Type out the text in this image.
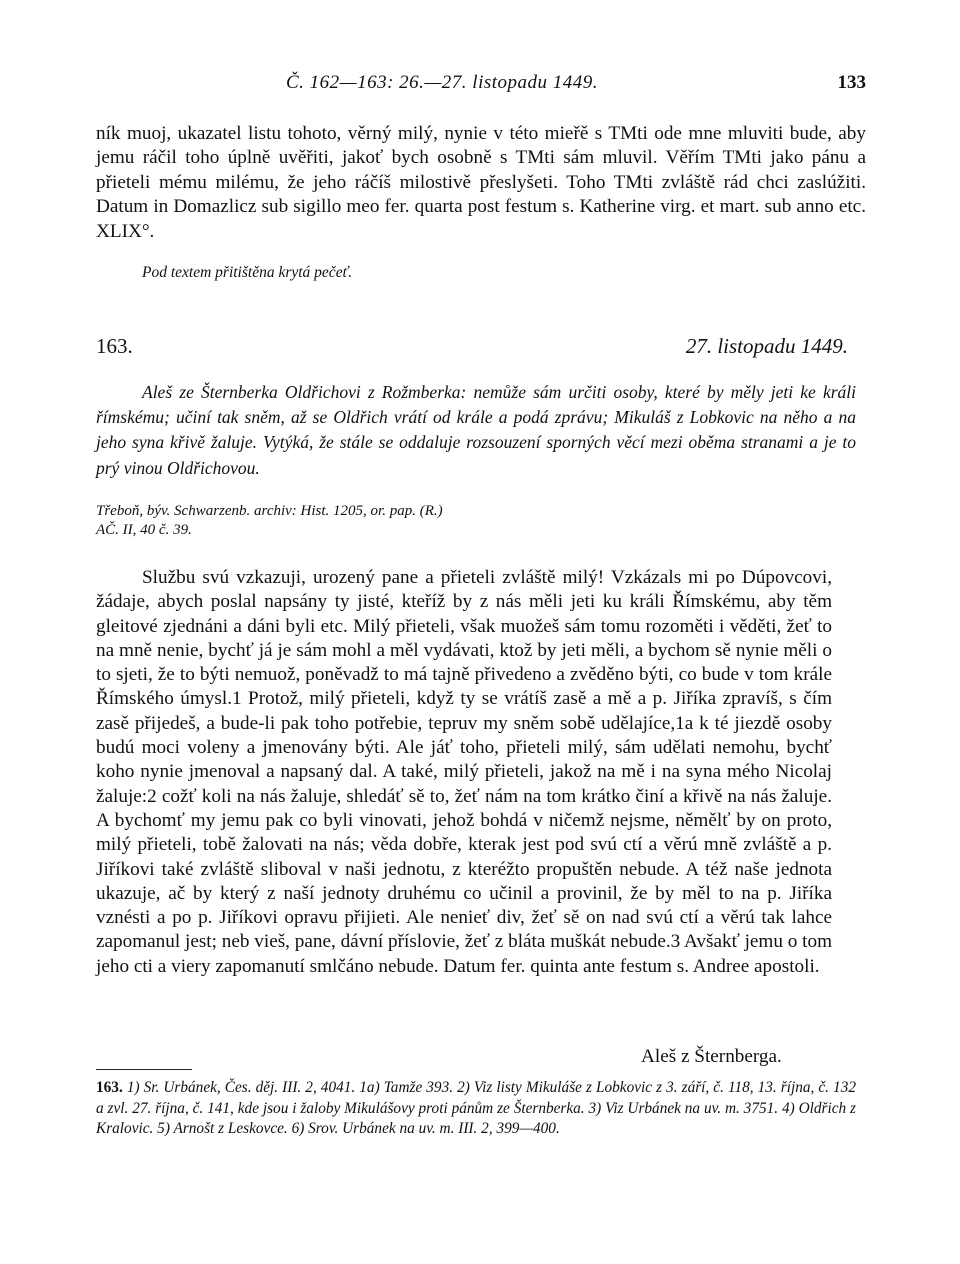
Č. 162—163: 26.—27. listopadu 1449.	133

ník muoj, ukazatel listu tohoto, věrný milý, nynie v této mieřě s TMti ode mne mluviti bude, aby jemu ráčil toho úplně uvěřiti, jakoť bych osobně s TMti sám mluvil. Věřím TMti jako pánu a přieteli mému milému, že jeho ráčíš milostivě přeslyšeti. Toho TMti zvláště rád chci zaslúžiti. Datum in Domazlicz sub sigillo meo fer. quarta post festum s. Katherine virg. et mart. sub anno etc. XLIX°.

Pod textem přitištěna krytá pečeť.
163.	27. listopadu 1449.

Aleš ze Šternberka Oldřichovi z Rožmberka: nemůže sám určiti osoby, které by měly jeti ke králi římskému; učiní tak sněm, až se Oldřich vrátí od krále a podá zprávu; Mikuláš z Lobkovic na něho a na jeho syna křivě žaluje. Vytýká, že stále se oddaluje rozsouzení sporných věcí mezi oběma stranami a je to prý vinou Oldřichovou.

Třeboň, býv. Schwarzenb. archiv: Hist. 1205, or. pap. (R.)
AČ. II, 40 č. 39.

Službu svú vzkazuji, urozený pane a přieteli zvláště milý! Vzkázals mi po Dúpovcovi, žádaje, abych poslal napsány ty jisté, kteříž by z nás měli jeti ku králi Římskému, aby těm gleitové zjednáni a dáni byli etc. Milý přieteli, však muožeš sám tomu rozoměti i věděti, žeť to na mně nenie, bychť já je sám mohl a měl vydávati, ktož by jeti měli, a bychom sě nynie měli o to sjeti, že to býti nemuož, poněvadž to má tajně přivedeno a zvěděno býti, co bude v tom krále Římského úmysl.1 Protož, milý přieteli, když ty se vrátíš zasě a mě a p. Jiříka zpravíš, s čím zasě přijedeš, a bude-li pak toho potřebie, tepruv my sněm sobě udělajíce,1a k té jiezdě osoby budú moci voleny a jmenovány býti. Ale jáť toho, přieteli milý, sám udělati nemohu, bychť koho nynie jmenoval a napsaný dal. A také, milý přieteli, jakož na mě i na syna mého Nicolaj žaluje:2 cožť koli na nás žaluje, shledáť sě to, žeť nám na tom krátko činí a křivě na nás žaluje. A bychomť my jemu pak co byli vinovati, jehož bohdá v ničemž nejsme, němělť by on proto, milý přieteli, tobě žalovati na nás; věda dobře, kterak jest pod svú ctí a věrú mně zvláště a p. Jiříkovi také zvláště sliboval v naši jednotu, z kteréžto propuštěn nebude. A též naše jednota ukazuje, ač by který z naší jednoty druhému co učinil a provinil, že by měl to na p. Jiříka vznésti a po p. Jiříkovi opravu přijieti. Ale nenieť div, žeť sě on nad svú ctí a věrú tak lahce zapomanul jest; neb vieš, pane, dávní příslovie, žeť z bláta muškát nebude.3 Avšakť jemu o tom jeho cti a viery zapomanutí smlčáno nebude. Datum fer. quinta ante festum s. Andree apostoli.

Aleš z Šternberga.

163. 1) Sr. Urbánek, Čes. děj. III. 2, 4041. 1a) Tamže 393. 2) Viz listy Mikuláše z Lobkovic z 3. září, č. 118, 13. října, č. 132 a zvl. 27. října, č. 141, kde jsou i žaloby Mikulášovy proti pánům ze Šternberka. 3) Viz Urbánek na uv. m. 3751. 4) Oldřich z Kralovic. 5) Arnošt z Leskovce. 6) Srov. Urbánek na uv. m. III. 2, 399—400.
